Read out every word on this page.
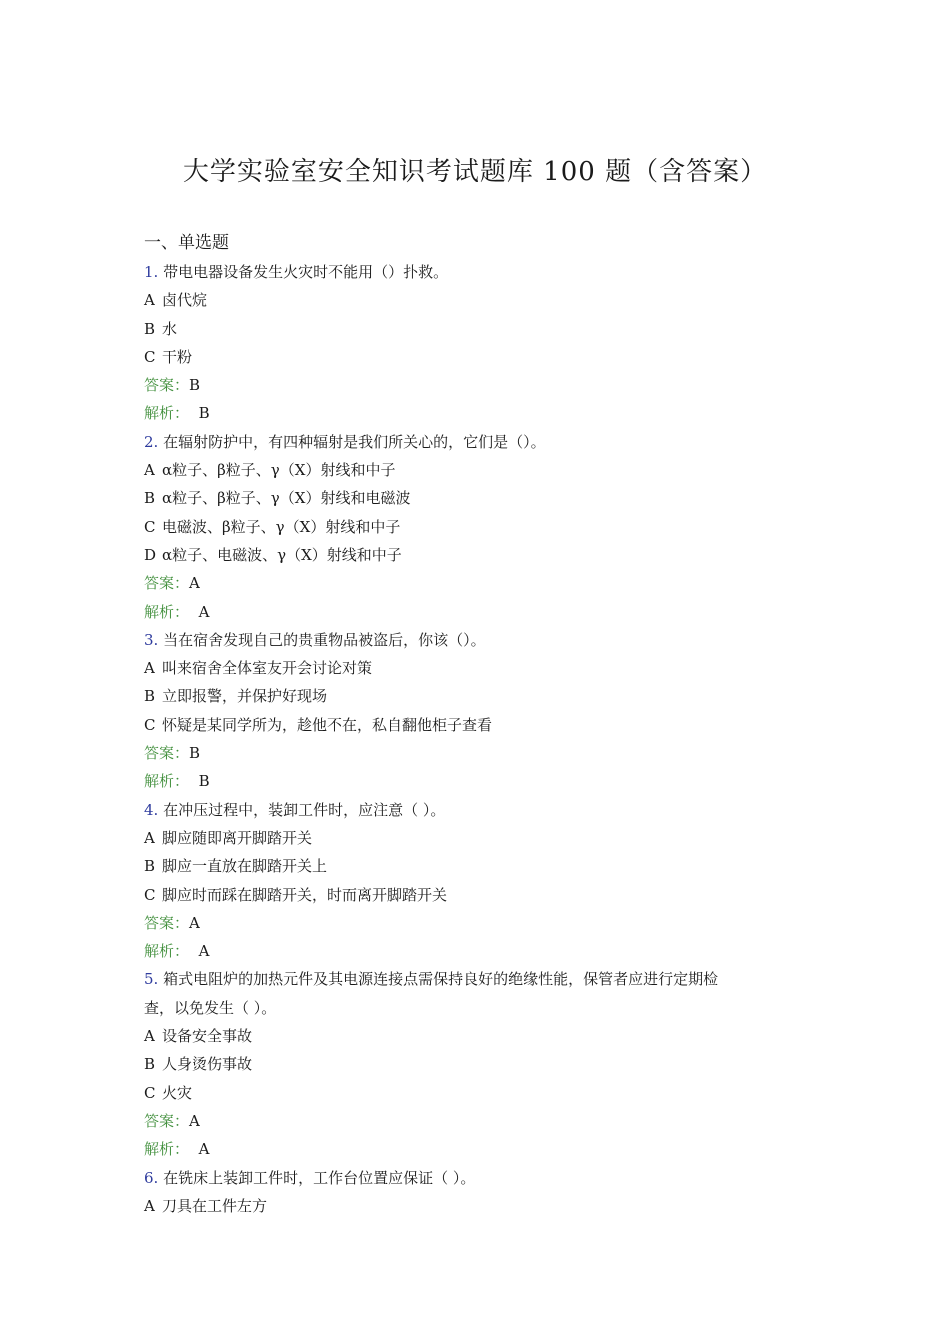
大学实验室安全知识考试题库 100 题（含答案）
一、单选题
1. 带电电器设备发生火灾时不能用（）扑救。
A 卤代烷
B 水
C 干粉
答案：B
解析： B
2. 在辐射防护中，有四种辐射是我们所关心的，它们是（）。
A α粒子、β粒子、γ（X）射线和中子
B α粒子、β粒子、γ（X）射线和电磁波
C 电磁波、β粒子、γ（X）射线和中子
D α粒子、电磁波、γ（X）射线和中子
答案：A
解析： A
3. 当在宿舍发现自己的贵重物品被盗后，你该（）。
A 叫来宿舍全体室友开会讨论对策
B 立即报警，并保护好现场
C 怀疑是某同学所为，趁他不在，私自翻他柜子查看
答案：B
解析： B
4. 在冲压过程中，装卸工件时，应注意（ ）。
A 脚应随即离开脚踏开关
B 脚应一直放在脚踏开关上
C 脚应时而踩在脚踏开关，时而离开脚踏开关
答案：A
解析： A
5. 箱式电阻炉的加热元件及其电源连接点需保持良好的绝缘性能，保管者应进行定期检
查，以免发生（ ）。
A 设备安全事故
B 人身烫伤事故
C 火灾
答案：A
解析： A
6. 在铣床上装卸工件时，工作台位置应保证（ ）。
A 刀具在工件左方
